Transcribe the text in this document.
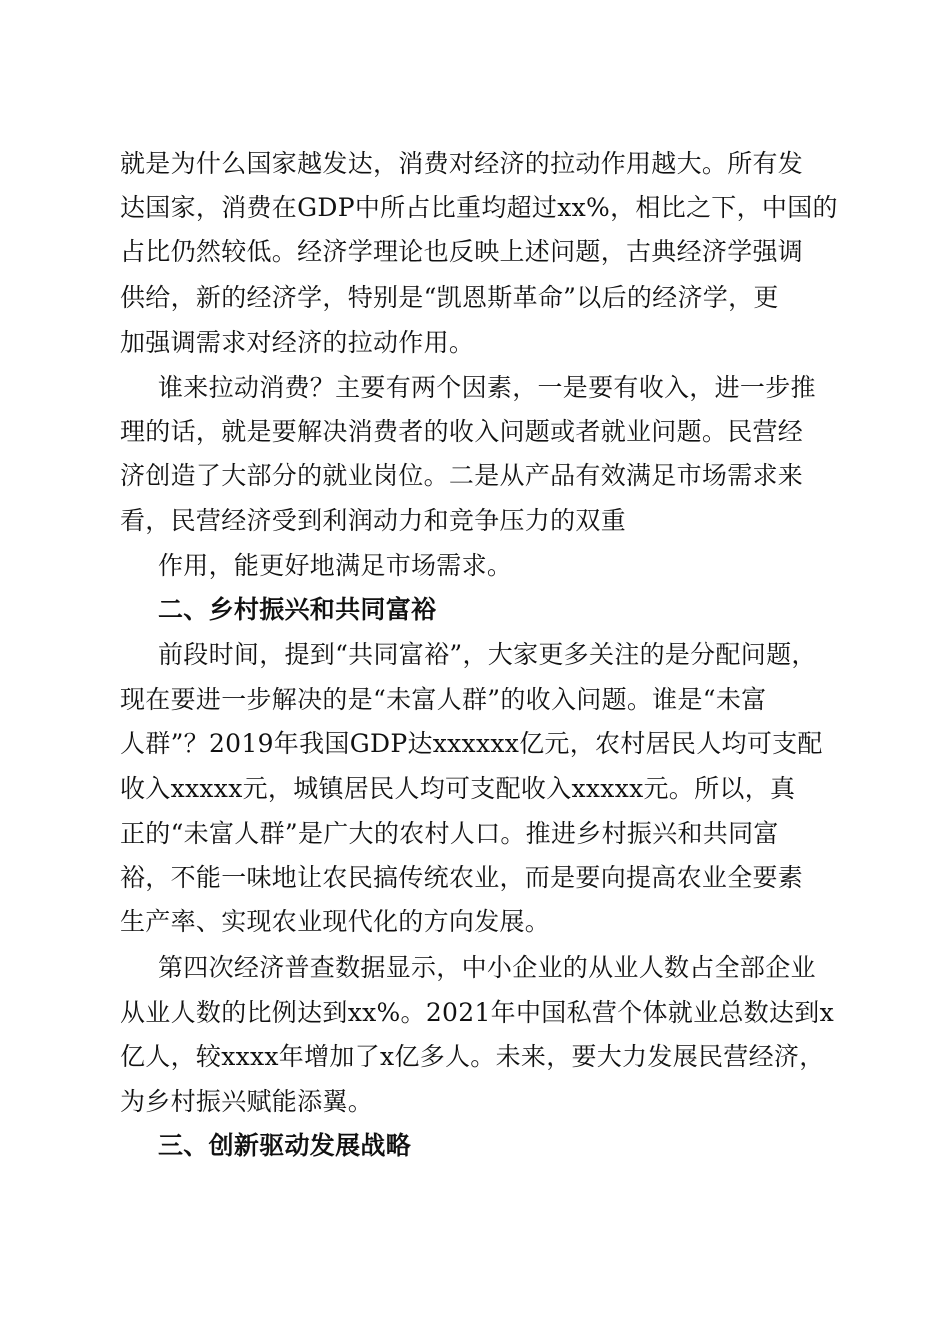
就是为什么国家越发达，消费对经济的拉动作用越大。所有发
达国家，消费在GDP中所占比重均超过xx%，相比之下，中国的
占比仍然较低。经济学理论也反映上述问题，古典经济学强调
供给，新的经济学，特别是“凯恩斯革命”以后的经济学，更
加强调需求对经济的拉动作用。
谁来拉动消费？主要有两个因素，一是要有收入，进一步推
理的话，就是要解决消费者的收入问题或者就业问题。民营经
济创造了大部分的就业岗位。二是从产品有效满足市场需求来
看，民营经济受到利润动力和竞争压力的双重
作用，能更好地满足市场需求。
二、乡村振兴和共同富裕
前段时间，提到“共同富裕”，大家更多关注的是分配问题，
现在要进一步解决的是“未富人群”的收入问题。谁是“未富
人群”？2019年我国GDP达xxxxxx亿元，农村居民人均可支配
收入xxxxx元，城镇居民人均可支配收入xxxxx元。所以，真
正的“未富人群”是广大的农村人口。推进乡村振兴和共同富
裕，不能一味地让农民搞传统农业，而是要向提高农业全要素
生产率、实现农业现代化的方向发展。
第四次经济普查数据显示，中小企业的从业人数占全部企业
从业人数的比例达到xx%。2021年中国私营个体就业总数达到x
亿人，较xxxx年增加了x亿多人。未来，要大力发展民营经济，
为乡村振兴赋能添翼。
三、创新驱动发展战略
